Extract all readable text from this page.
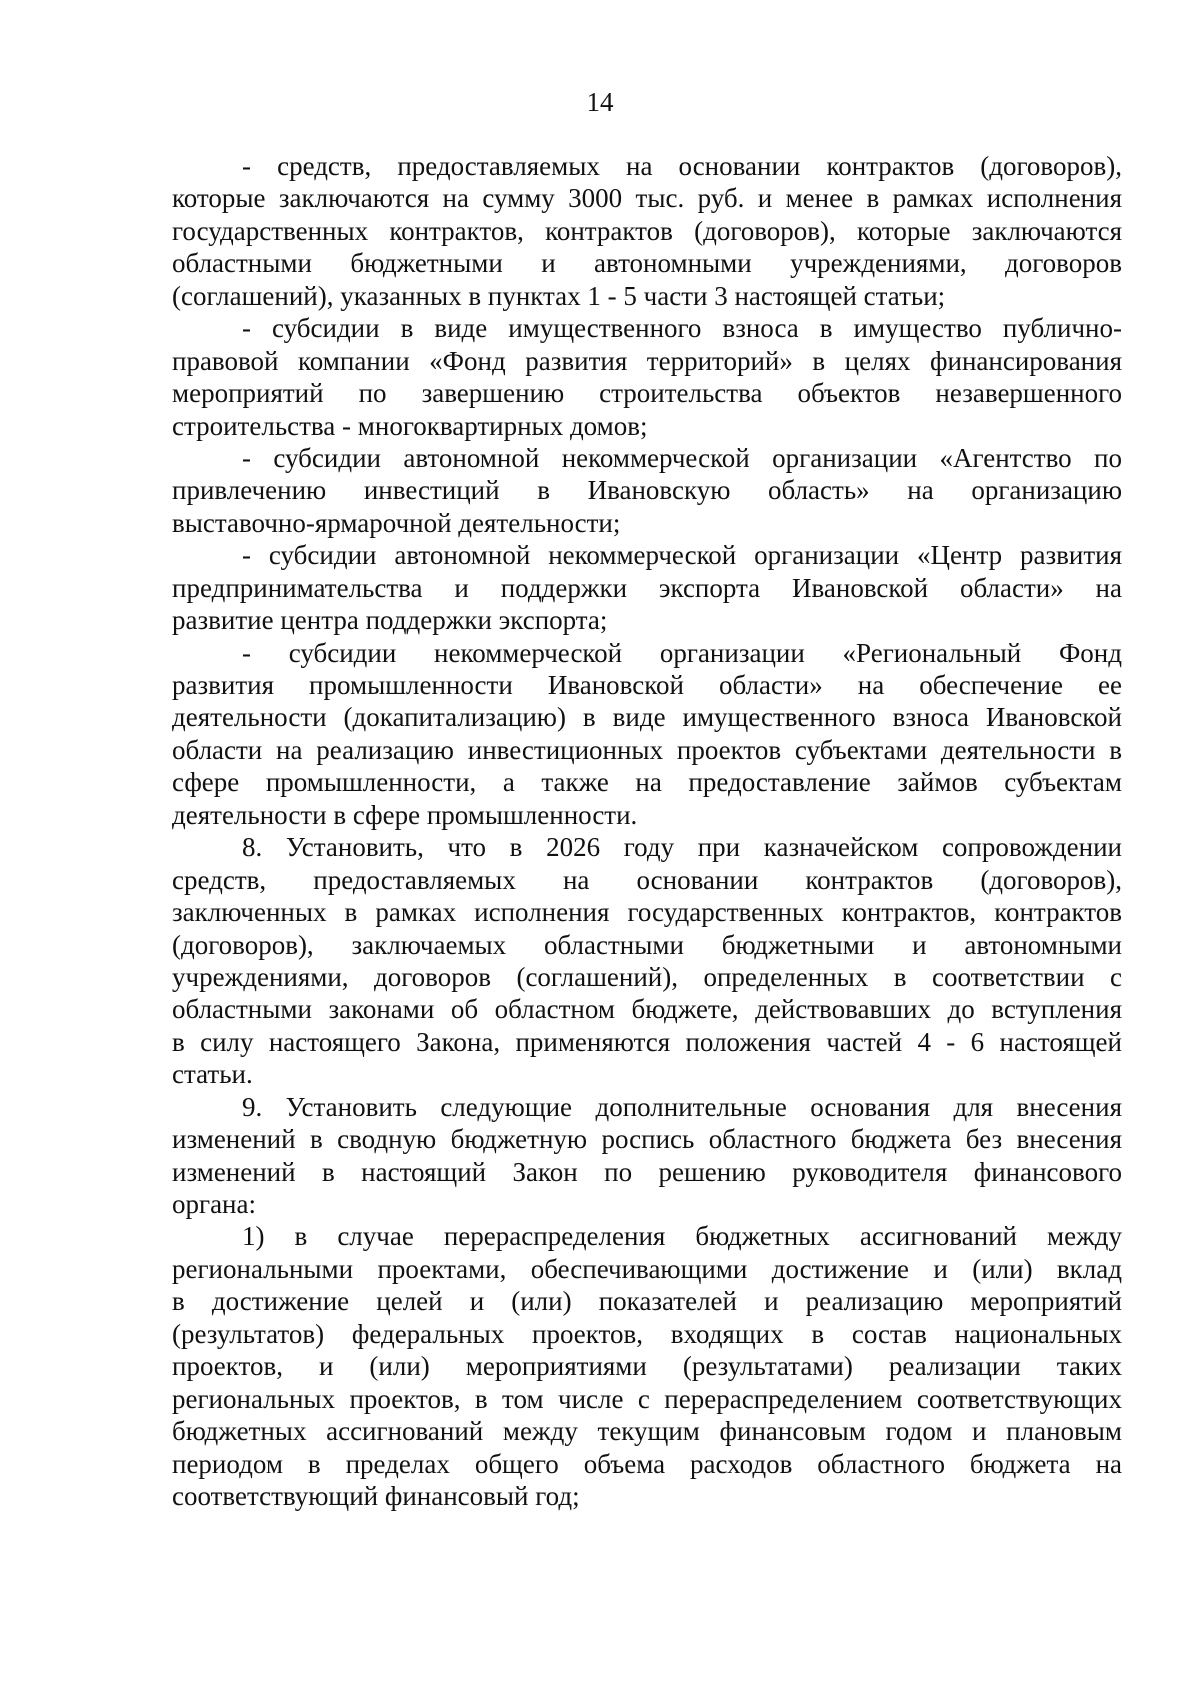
14
- средств, предоставляемых на основании контрактов (договоров),
которые заключаются на сумму 3000 тыс. руб. и менее в рамках исполнения
государственных контрактов, контрактов (договоров), которые заключаются
областными бюджетными и автономными учреждениями, договоров
(соглашений), указанных в пунктах 1 - 5 части 3 настоящей статьи;
- субсидии в виде имущественного взноса в имущество публично-
правовой компании «Фонд развития территорий» в целях финансирования
мероприятий по завершению строительства объектов незавершенного
строительства - многоквартирных домов;
- субсидии автономной некоммерческой организации «Агентство по
привлечению инвестиций в Ивановскую область» на организацию
выставочно-ярмарочной деятельности;
- субсидии автономной некоммерческой организации «Центр развития
предпринимательства и поддержки экспорта Ивановской области» на
развитие центра поддержки экспорта;
- субсидии некоммерческой организации «Региональный Фонд
развития промышленности Ивановской области» на обеспечение ее
деятельности (докапитализацию) в виде имущественного взноса Ивановской
области на реализацию инвестиционных проектов субъектами деятельности в
сфере промышленности, а также на предоставление займов субъектам
деятельности в сфере промышленности.
8. Установить, что в 2026 году при казначейском сопровождении
средств, предоставляемых на основании контрактов (договоров),
заключенных в рамках исполнения государственных контрактов, контрактов
(договоров), заключаемых областными бюджетными и автономными
учреждениями, договоров (соглашений), определенных в соответствии с
областными законами об областном бюджете, действовавших до вступления
в силу настоящего Закона, применяются положения частей 4 - 6 настоящей
статьи.
9. Установить следующие дополнительные основания для внесения
изменений в сводную бюджетную роспись областного бюджета без внесения
изменений в настоящий Закон по решению руководителя финансового
органа:
1) в случае перераспределения бюджетных ассигнований между
региональными проектами, обеспечивающими достижение и (или) вклад
в достижение целей и (или) показателей и реализацию мероприятий
(результатов) федеральных проектов, входящих в состав национальных
проектов, и (или) мероприятиями (результатами) реализации таких
региональных проектов, в том числе с перераспределением соответствующих
бюджетных ассигнований между текущим финансовым годом и плановым
периодом в пределах общего объема расходов областного бюджета на
соответствующий финансовый год;
